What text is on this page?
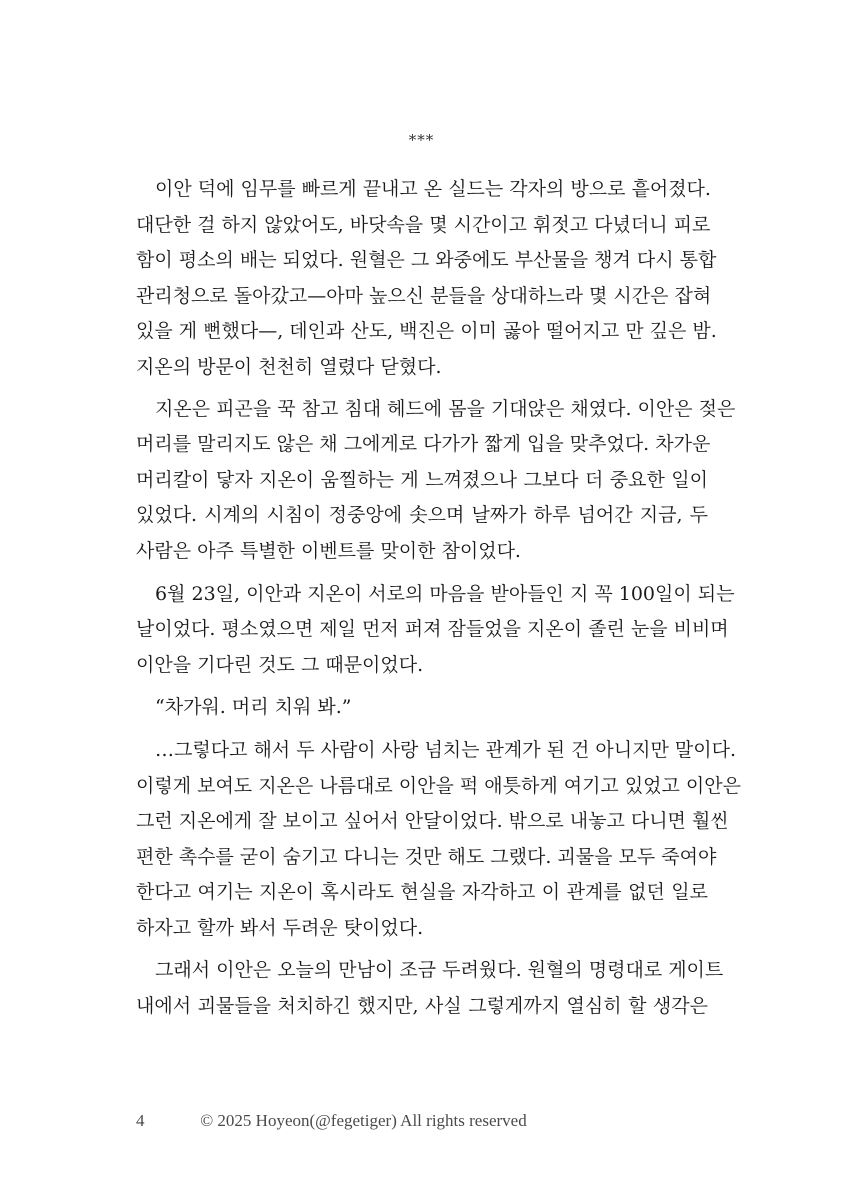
***
이안 덕에 임무를 빠르게 끝내고 온 실드는 각자의 방으로 흩어졌다.
대단한 걸 하지 않았어도, 바닷속을 몇 시간이고 휘젓고 다녔더니 피로
함이 평소의 배는 되었다. 원혈은 그 와중에도 부산물을 챙겨 다시 통합
관리청으로 돌아갔고—아마 높으신 분들을 상대하느라 몇 시간은 잡혀
있을 게 뻔했다—, 데인과 산도, 백진은 이미 곯아 떨어지고 만 깊은 밤.
지온의 방문이 천천히 열렸다 닫혔다.
지온은 피곤을 꾹 참고 침대 헤드에 몸을 기대앉은 채였다. 이안은 젖은
머리를 말리지도 않은 채 그에게로 다가가 짧게 입을 맞추었다. 차가운
머리칼이 닿자 지온이 움찔하는 게 느껴졌으나 그보다 더 중요한 일이
있었다. 시계의 시침이 정중앙에 솟으며 날짜가 하루 넘어간 지금, 두
사람은 아주 특별한 이벤트를 맞이한 참이었다.
6월 23일, 이안과 지온이 서로의 마음을 받아들인 지 꼭 100일이 되는
날이었다. 평소였으면 제일 먼저 퍼져 잠들었을 지온이 졸린 눈을 비비며
이안을 기다린 것도 그 때문이었다.
“차가워. 머리 치워 봐.”
…그렇다고 해서 두 사람이 사랑 넘치는 관계가 된 건 아니지만 말이다.
이렇게 보여도 지온은 나름대로 이안을 퍽 애틋하게 여기고 있었고 이안은
그런 지온에게 잘 보이고 싶어서 안달이었다. 밖으로 내놓고 다니면 훨씬
편한 촉수를 굳이 숨기고 다니는 것만 해도 그랬다. 괴물을 모두 죽여야
한다고 여기는 지온이 혹시라도 현실을 자각하고 이 관계를 없던 일로
하자고 할까 봐서 두려운 탓이었다.
그래서 이안은 오늘의 만남이 조금 두려웠다. 원혈의 명령대로 게이트
내에서 괴물들을 처치하긴 했지만, 사실 그렇게까지 열심히 할 생각은
4	© 2025 Hoyeon(@fegetiger) All rights reserved
